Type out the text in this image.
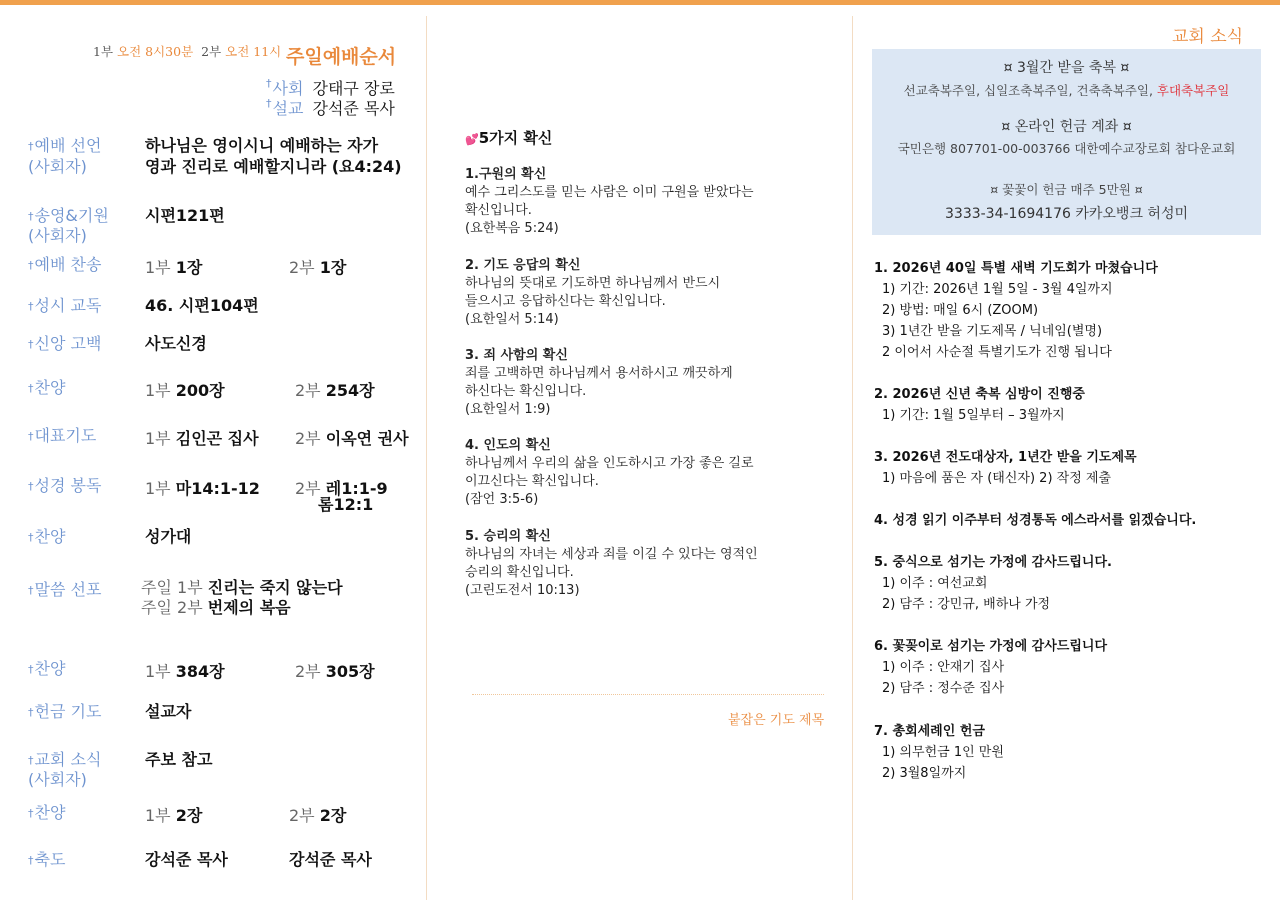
1부 오전 8시30분 2부 오전 11시 주일예배순서
†사회 강태구 장로
†설교 강석준 목사
†예배 선언
(사회자)
하나님은 영이시니 예배하는 자가
영과 진리로 예배할지니라 (요4:24)
†송영&기원
(사회자)
시편121편
†예배 찬송	1부 1장	2부 1장
†성시 교독	46. 시편104편
†신앙 고백	사도신경
†찬양	1부 200장	2부 254장
†대표기도	1부 김인곤 집사 2부 이옥연 권사
†성경 봉독	1부 마14:1-12 2부 레1:1-9
롬12:1
†찬양	성가대
†말씀 선포 주일 1부 진리는 죽지 않는다
주일 2부 번제의 복음
†찬양	1부 384장	2부 305장
†헌금 기도	설교자
†교회 소식
(사회자)
주보 참고
†찬양	1부 2장	2부 2장
†축도	강석준 목사	강석준 목사
💕5가지 확신
1.구원의 확신
예수 그리스도를 믿는 사람은 이미 구원을 받았다는
확신입니다.
(요한복음 5:24)
2. 기도 응답의 확신
하나님의 뜻대로 기도하면 하나님께서 반드시
들으시고 응답하신다는 확신입니다.
(요한일서 5:14)
3. 죄 사함의 확신
죄를 고백하면 하나님께서 용서하시고 깨끗하게
하신다는 확신입니다.
(요한일서 1:9)
4. 인도의 확신
하나님께서 우리의 삶을 인도하시고 가장 좋은 길로
이끄신다는 확신입니다.
(잠언 3:5-6)
5. 승리의 확신
하나님의 자녀는 세상과 죄를 이길 수 있다는 영적인
승리의 확신입니다.
(고린도전서 10:13)
붙잡은 기도 제목
교회 소식
¤ 3월간 받을 축복 ¤
선교축복주일, 십일조축복주일, 건축축복주일, 후대축복주일
¤ 온라인 헌금 계좌 ¤
국민은행 807701-00-003766 대한예수교장로회 참다운교회
¤ 꽃꽃이 헌금 매주 5만원 ¤
3333-34-1694176 카카오뱅크 허성미
1. 2026년 40일 특별 새벽 기도회가 마쳤습니다
1) 기간: 2026년 1월 5일 - 3월 4일까지
2) 방법: 매일 6시 (ZOOM)
3) 1년간 받을 기도제목 / 닉네임(별명)
2 이어서 사순절 특별기도가 진행 됩니다
2. 2026년 신년 축복 심방이 진행중
1) 기간: 1월 5일부터 – 3월까지
3. 2026년 전도대상자, 1년간 받을 기도제목
1) 마음에 품은 자 (태신자) 2) 작정 제출
4. 성경 읽기 이주부터 성경통독 에스라서를 읽겠습니다.
5. 중식으로 섬기는 가정에 감사드립니다.
1) 이주 : 여선교회
2) 담주 : 강민규, 배하나 가정
6. 꽃꽂이로 섬기는 가정에 감사드립니다
1) 이주 : 안재기 집사
2) 담주 : 정수준 집사
7. 총회세례인 헌금
1) 의무헌금 1인 만원
2) 3월8일까지
